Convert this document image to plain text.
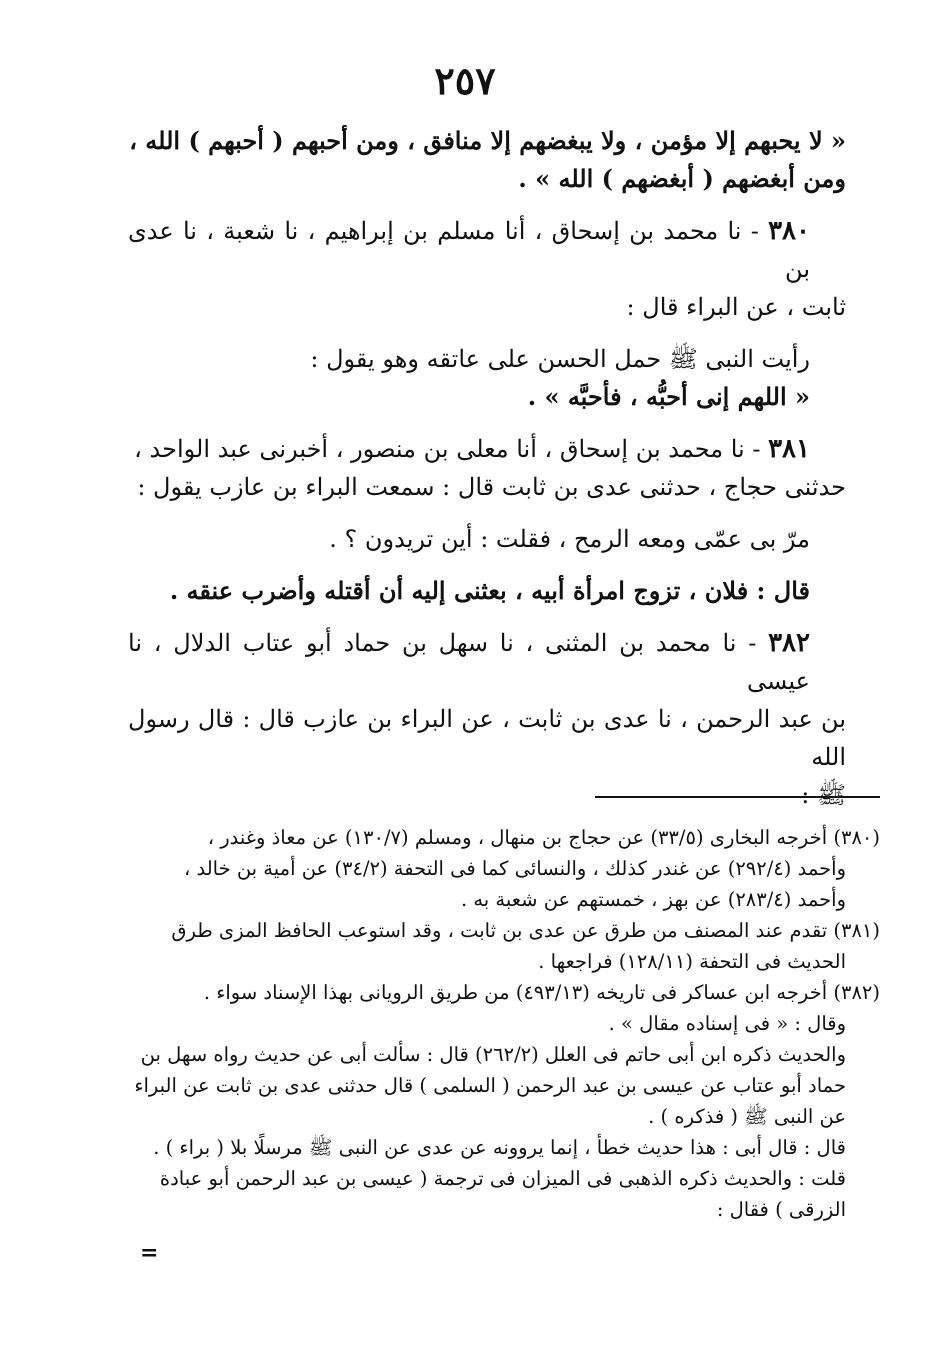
٢٥٧

« لا يحبهم إلا مؤمن ، ولا يبغضهم إلا منافق ، ومن أحبهم ( أحبهم ) الله ،

ومن أبغضهم ( أبغضهم ) الله » .

٣٨٠ - نا محمد بن إسحاق ، أنا مسلم بن إبراهيم ، نا شعبة ، نا عدى بن

ثابت ، عن البراء قال :

رأيت النبى ﷺ حمل الحسن على عاتقه وهو يقول :

« اللهم إنى أحبُّه ، فأحبَّه » .

٣٨١ - نا محمد بن إسحاق ، أنا معلى بن منصور ، أخبرنى عبد الواحد ،

حدثنى حجاج ، حدثنى عدى بن ثابت قال : سمعت البراء بن عازب يقول :

مرّ بى عمّى ومعه الرمح ، فقلت : أين تريدون ؟ .

قال : فلان ، تزوج امرأة أبيه ، بعثنى إليه أن أقتله وأضرب عنقه .

٣٨٢ - نا محمد بن المثنى ، نا سهل بن حماد أبو عتاب الدلال ، نا عيسى

بن عبد الرحمن ، نا عدى بن ثابت ، عن البراء بن عازب قال : قال رسول الله

ﷺ :

(٣٨٠) أخرجه البخارى (٣٣/٥) عن حجاج بن منهال ، ومسلم (١٣٠/٧) عن معاذ وغندر ،

وأحمد (٢٩٢/٤) عن غندر كذلك ، والنسائى كما فى التحفة (٣٤/٢) عن أمية بن خالد ،

وأحمد (٢٨٣/٤) عن بهز ، خمستهم عن شعبة به .

(٣٨١) تقدم عند المصنف من طرق عن عدى بن ثابت ، وقد استوعب الحافظ المزى طرق

الحديث فى التحفة (١٢٨/١١) فراجعها .

(٣٨٢) أخرجه ابن عساكر فى تاريخه (٤٩٣/١٣) من طريق الرويانى بهذا الإسناد سواء .

وقال : « فى إسناده مقال » .

والحديث ذكره ابن أبى حاتم فى العلل (٢٦٢/٢) قال : سألت أبى عن حديث رواه سهل بن

حماد أبو عتاب عن عيسى بن عبد الرحمن ( السلمى ) قال حدثنى عدى بن ثابت عن البراء

عن النبى ﷺ ( فذكره ) .

قال : قال أبى : هذا حديث خطأ ، إنما يروونه عن عدى عن النبى ﷺ مرسلًا بلا ( براء ) .

قلت : والحديث ذكره الذهبى فى الميزان فى ترجمة ( عيسى بن عبد الرحمن أبو عبادة

الزرقى ) فقال :

=
